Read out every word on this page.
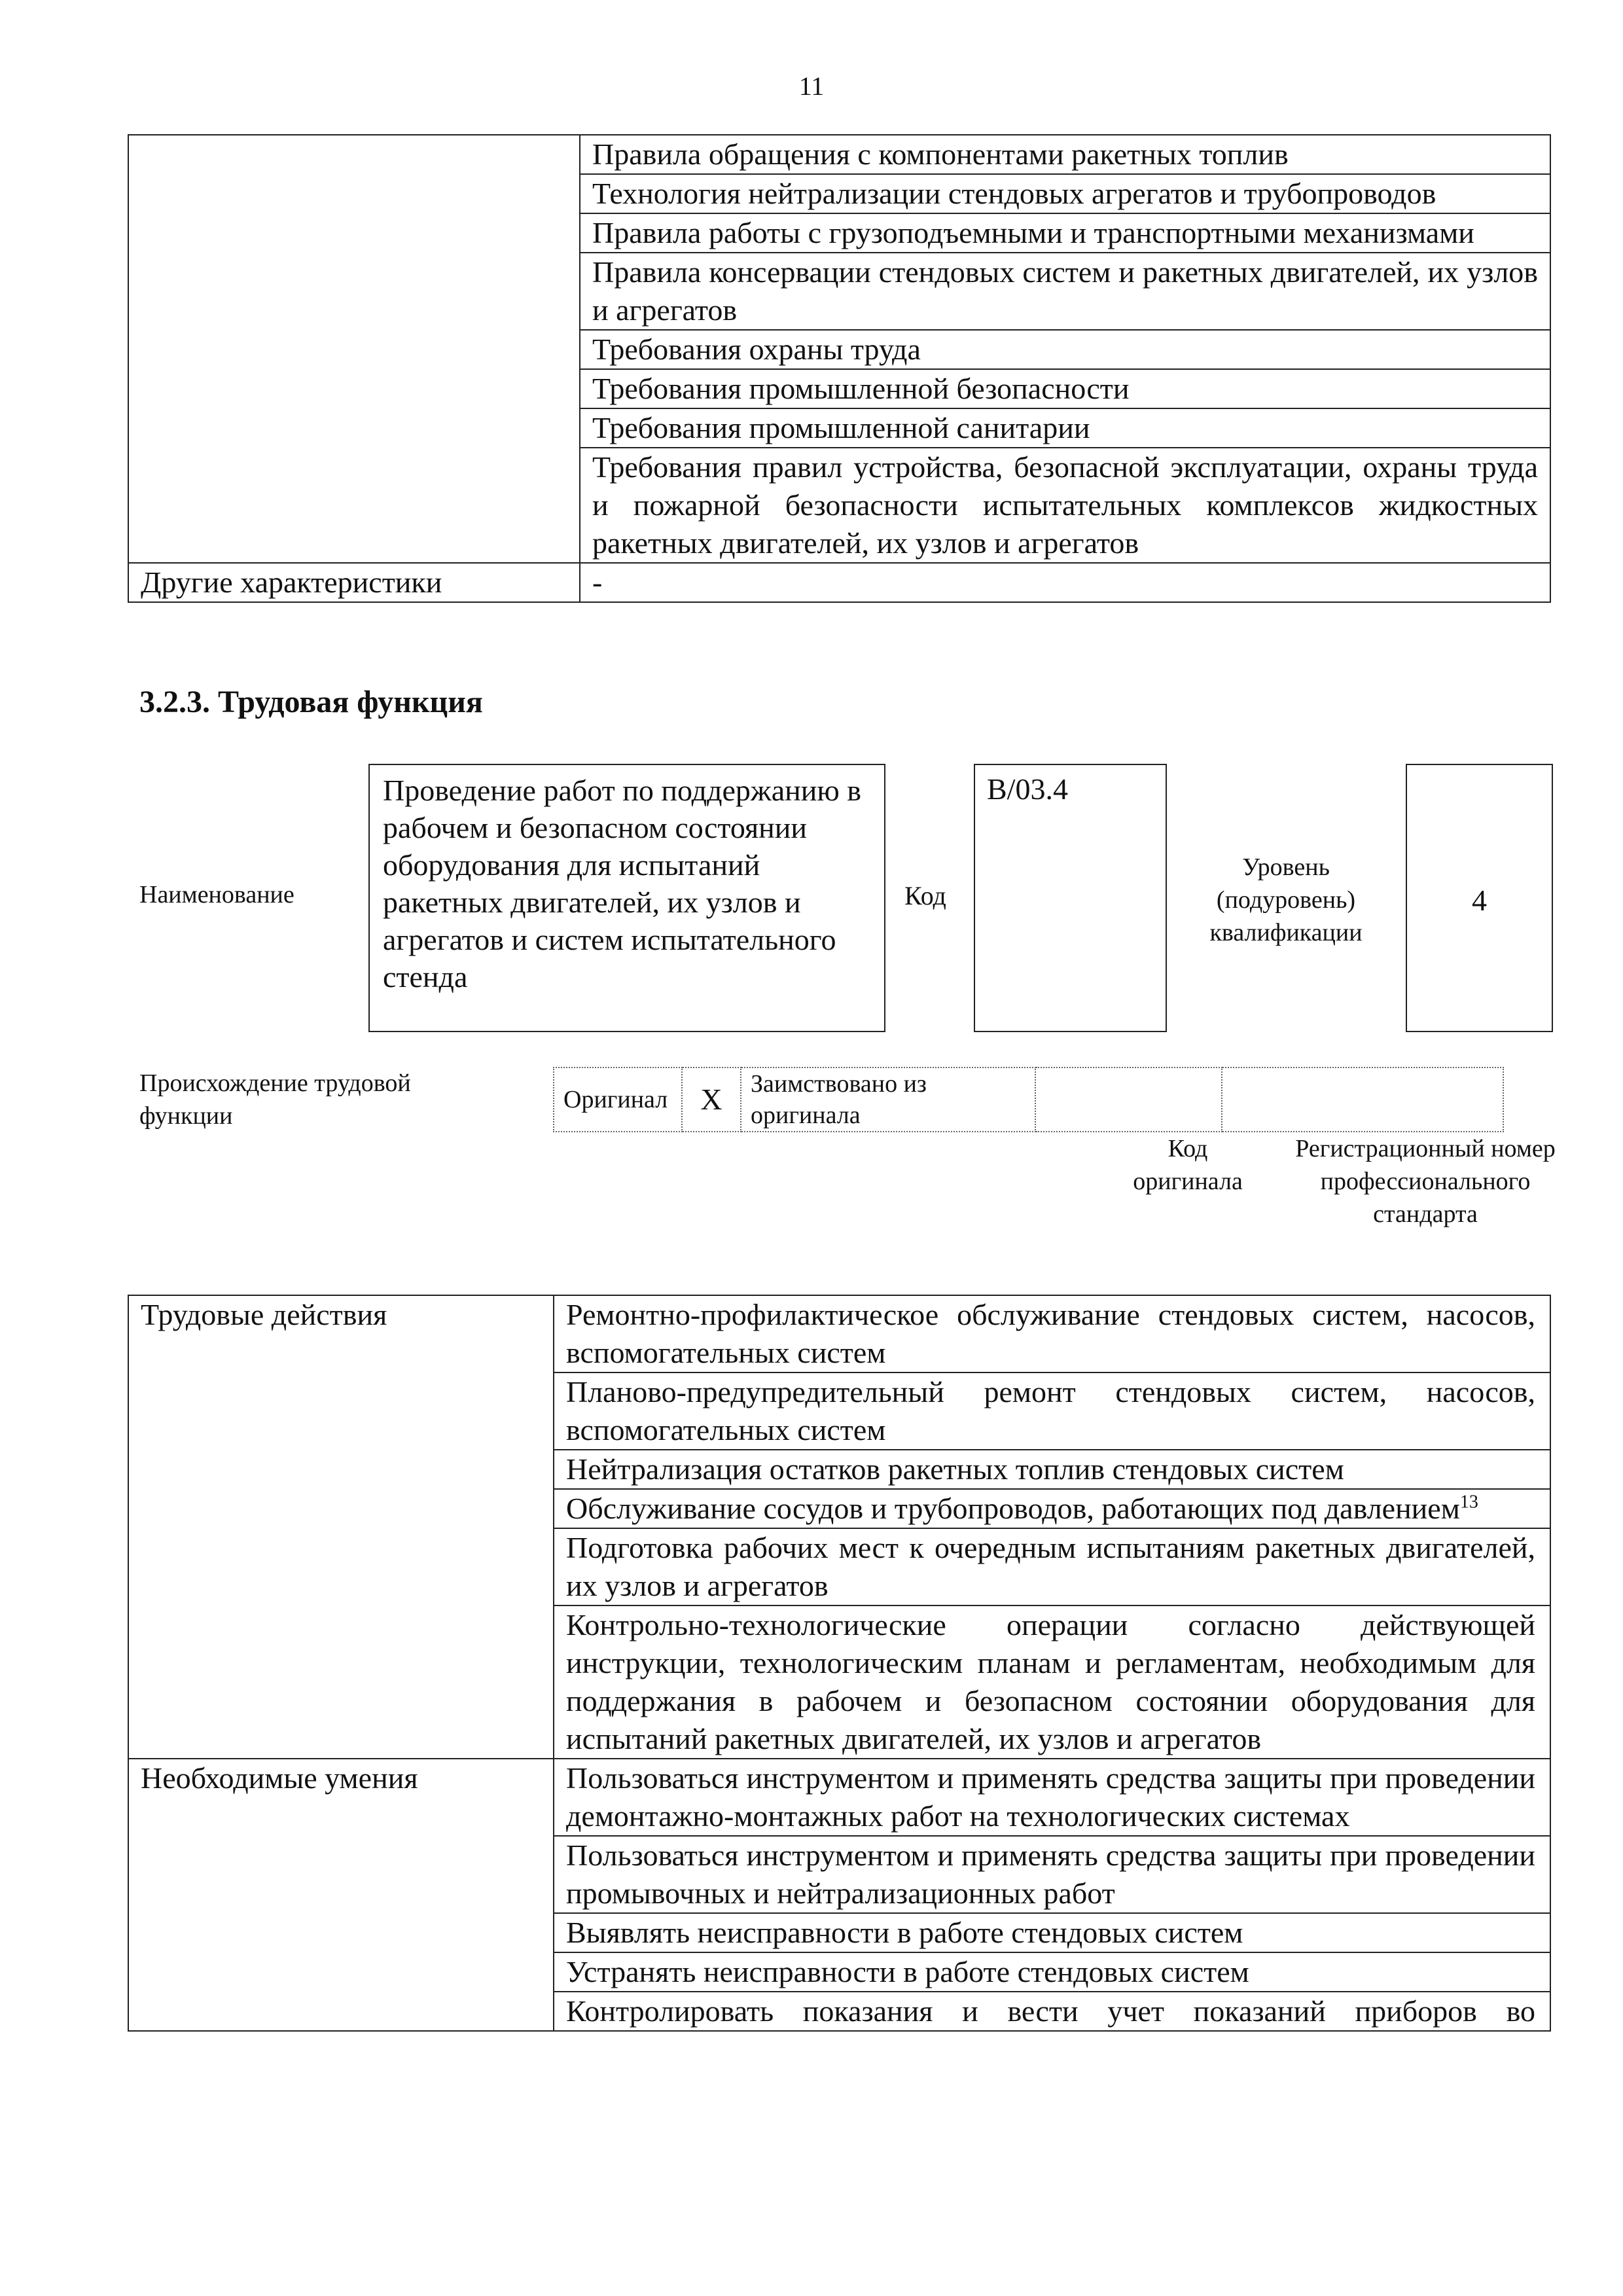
11
	Правила обращения с компонентами ракетных топлив
	Технология нейтрализации стендовых агрегатов и трубопроводов
	Правила работы с грузоподъемными и транспортными механизмами
	Правила консервации стендовых систем и ракетных двигателей, их узлов и агрегатов
	Требования охраны труда
	Требования промышленной безопасности
	Требования промышленной санитарии
	Требования правил устройства, безопасной эксплуатации, охраны труда и пожарной безопасности испытательных комплексов жидкостных ракетных двигателей, их узлов и агрегатов
Другие характеристики	-
3.2.3. Трудовая функция
Наименование
Проведение работ по поддержанию в рабочем и безопасном состоянии оборудования для испытаний ракетных двигателей, их узлов и агрегатов и систем испытательного стенда
Код
B/03.4
Уровень (подуровень) квалификации
4
Происхождение трудовой функции
Оригинал	X	Заимствовано из оригинала		
Код оригинала
Регистрационный номер профессионального стандарта
Трудовые действия	Ремонтно-профилактическое обслуживание стендовых систем, насосов, вспомогательных систем
	Планово-предупредительный ремонт стендовых систем, насосов, вспомогательных систем
	Нейтрализация остатков ракетных топлив стендовых систем
	Обслуживание сосудов и трубопроводов, работающих под давлением$^{13}$
	Подготовка рабочих мест к очередным испытаниям ракетных двигателей, их узлов и агрегатов
	Контрольно-технологические операции согласно действующей инструкции, технологическим планам и регламентам, необходимым для поддержания в рабочем и безопасном состоянии оборудования для испытаний ракетных двигателей, их узлов и агрегатов
Необходимые умения	Пользоваться инструментом и применять средства защиты при проведении демонтажно-монтажных работ на технологических системах
	Пользоваться инструментом и применять средства защиты при проведении промывочных и нейтрализационных работ
	Выявлять неисправности в работе стендовых систем
	Устранять неисправности в работе стендовых систем
	Контролировать показания и вести учет показаний приборов во
